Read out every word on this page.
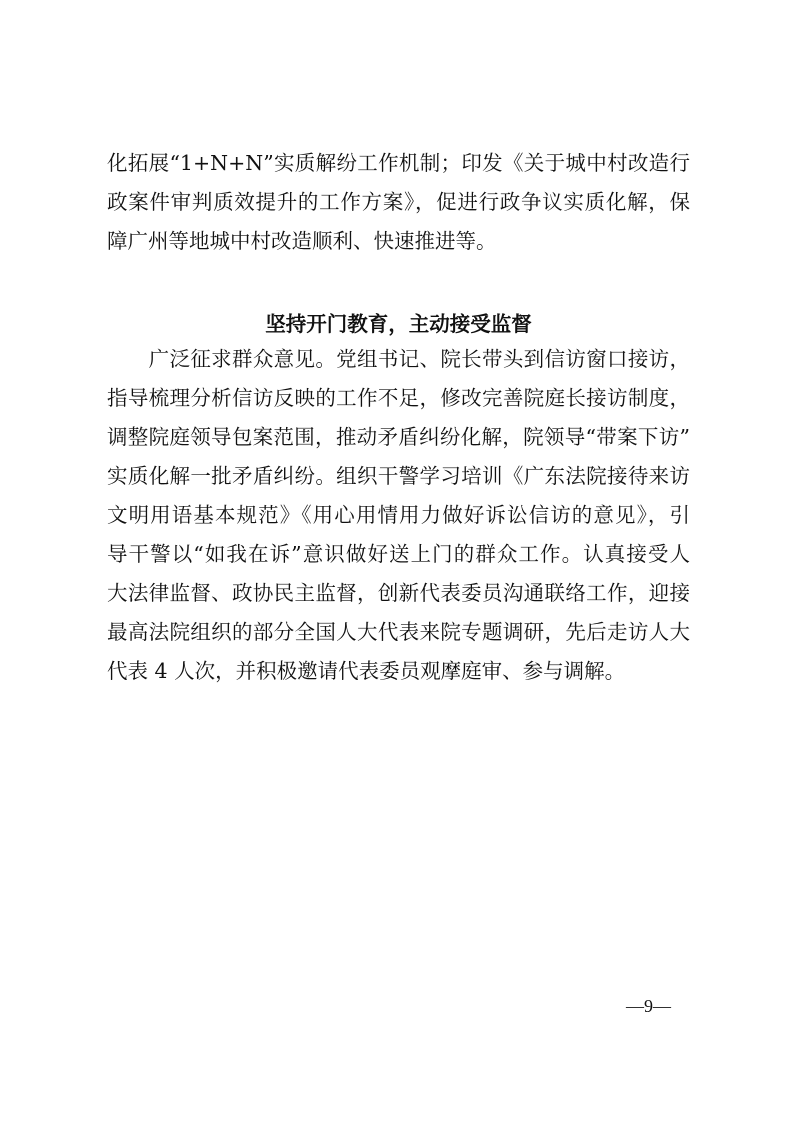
化拓展“1+N+N”实质解纷工作机制；印发《关于城中村改造行
政案件审判质效提升的工作方案》，促进行政争议实质化解，保
障广州等地城中村改造顺利、快速推进等。
坚持开门教育，主动接受监督
　　广泛征求群众意见。党组书记、院长带头到信访窗口接访，
指导梳理分析信访反映的工作不足，修改完善院庭长接访制度，
调整院庭领导包案范围，推动矛盾纠纷化解，院领导“带案下访”
实质化解一批矛盾纠纷。组织干警学习培训《广东法院接待来访
文明用语基本规范》《用心用情用力做好诉讼信访的意见》，引
导干警以“如我在诉”意识做好送上门的群众工作。认真接受人
大法律监督、政协民主监督，创新代表委员沟通联络工作，迎接
最高法院组织的部分全国人大代表来院专题调研，先后走访人大
代表 4 人次，并积极邀请代表委员观摩庭审、参与调解。
—9—
